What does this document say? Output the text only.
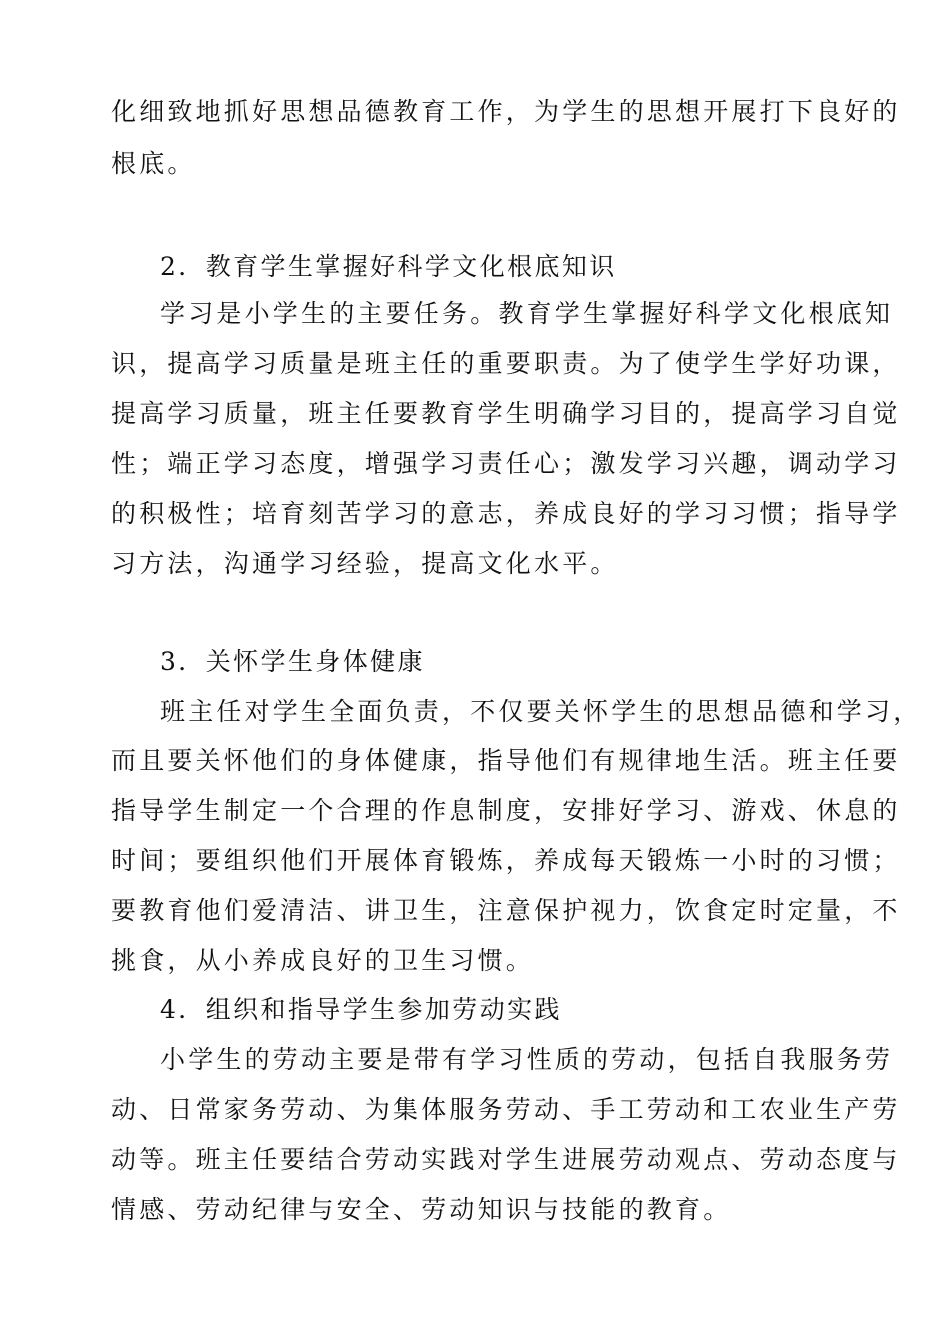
化细致地抓好思想品德教育工作，为学生的思想开展打下良好的
根底。
2．教育学生掌握好科学文化根底知识
学习是小学生的主要任务。教育学生掌握好科学文化根底知
识，提高学习质量是班主任的重要职责。为了使学生学好功课，
提高学习质量，班主任要教育学生明确学习目的，提高学习自觉
性；端正学习态度，增强学习责任心；激发学习兴趣，调动学习
的积极性；培育刻苦学习的意志，养成良好的学习习惯；指导学
习方法，沟通学习经验，提高文化水平。
3．关怀学生身体健康
班主任对学生全面负责，不仅要关怀学生的思想品德和学习，
而且要关怀他们的身体健康，指导他们有规律地生活。班主任要
指导学生制定一个合理的作息制度，安排好学习、游戏、休息的
时间；要组织他们开展体育锻炼，养成每天锻炼一小时的习惯；
要教育他们爱清洁、讲卫生，注意保护视力，饮食定时定量，不
挑食，从小养成良好的卫生习惯。
4．组织和指导学生参加劳动实践
小学生的劳动主要是带有学习性质的劳动，包括自我服务劳
动、日常家务劳动、为集体服务劳动、手工劳动和工农业生产劳
动等。班主任要结合劳动实践对学生进展劳动观点、劳动态度与
情感、劳动纪律与安全、劳动知识与技能的教育。
